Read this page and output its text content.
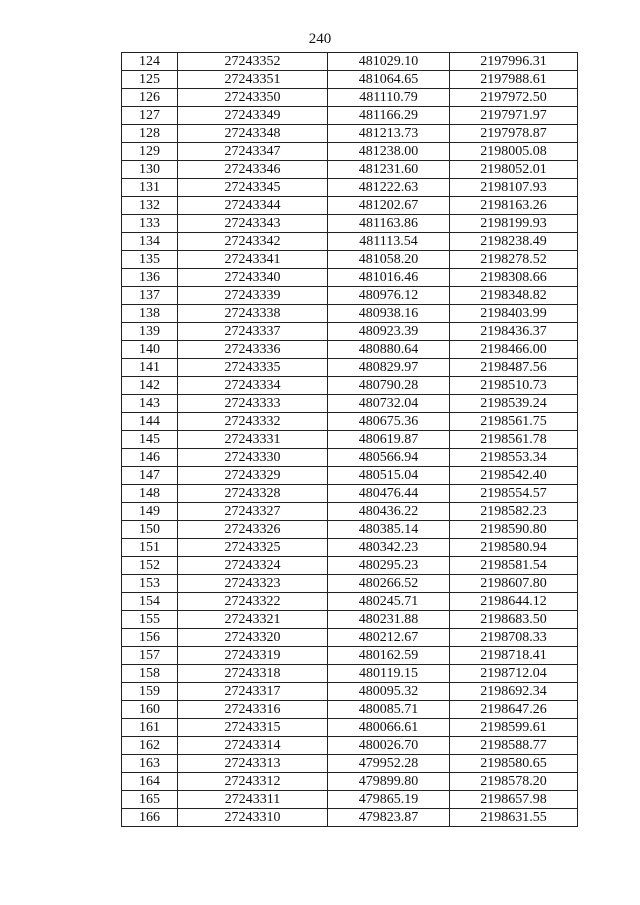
240
124	27243352	481029.10	2197996.31
125	27243351	481064.65	2197988.61
126	27243350	481110.79	2197972.50
127	27243349	481166.29	2197971.97
128	27243348	481213.73	2197978.87
129	27243347	481238.00	2198005.08
130	27243346	481231.60	2198052.01
131	27243345	481222.63	2198107.93
132	27243344	481202.67	2198163.26
133	27243343	481163.86	2198199.93
134	27243342	481113.54	2198238.49
135	27243341	481058.20	2198278.52
136	27243340	481016.46	2198308.66
137	27243339	480976.12	2198348.82
138	27243338	480938.16	2198403.99
139	27243337	480923.39	2198436.37
140	27243336	480880.64	2198466.00
141	27243335	480829.97	2198487.56
142	27243334	480790.28	2198510.73
143	27243333	480732.04	2198539.24
144	27243332	480675.36	2198561.75
145	27243331	480619.87	2198561.78
146	27243330	480566.94	2198553.34
147	27243329	480515.04	2198542.40
148	27243328	480476.44	2198554.57
149	27243327	480436.22	2198582.23
150	27243326	480385.14	2198590.80
151	27243325	480342.23	2198580.94
152	27243324	480295.23	2198581.54
153	27243323	480266.52	2198607.80
154	27243322	480245.71	2198644.12
155	27243321	480231.88	2198683.50
156	27243320	480212.67	2198708.33
157	27243319	480162.59	2198718.41
158	27243318	480119.15	2198712.04
159	27243317	480095.32	2198692.34
160	27243316	480085.71	2198647.26
161	27243315	480066.61	2198599.61
162	27243314	480026.70	2198588.77
163	27243313	479952.28	2198580.65
164	27243312	479899.80	2198578.20
165	27243311	479865.19	2198657.98
166	27243310	479823.87	2198631.55
